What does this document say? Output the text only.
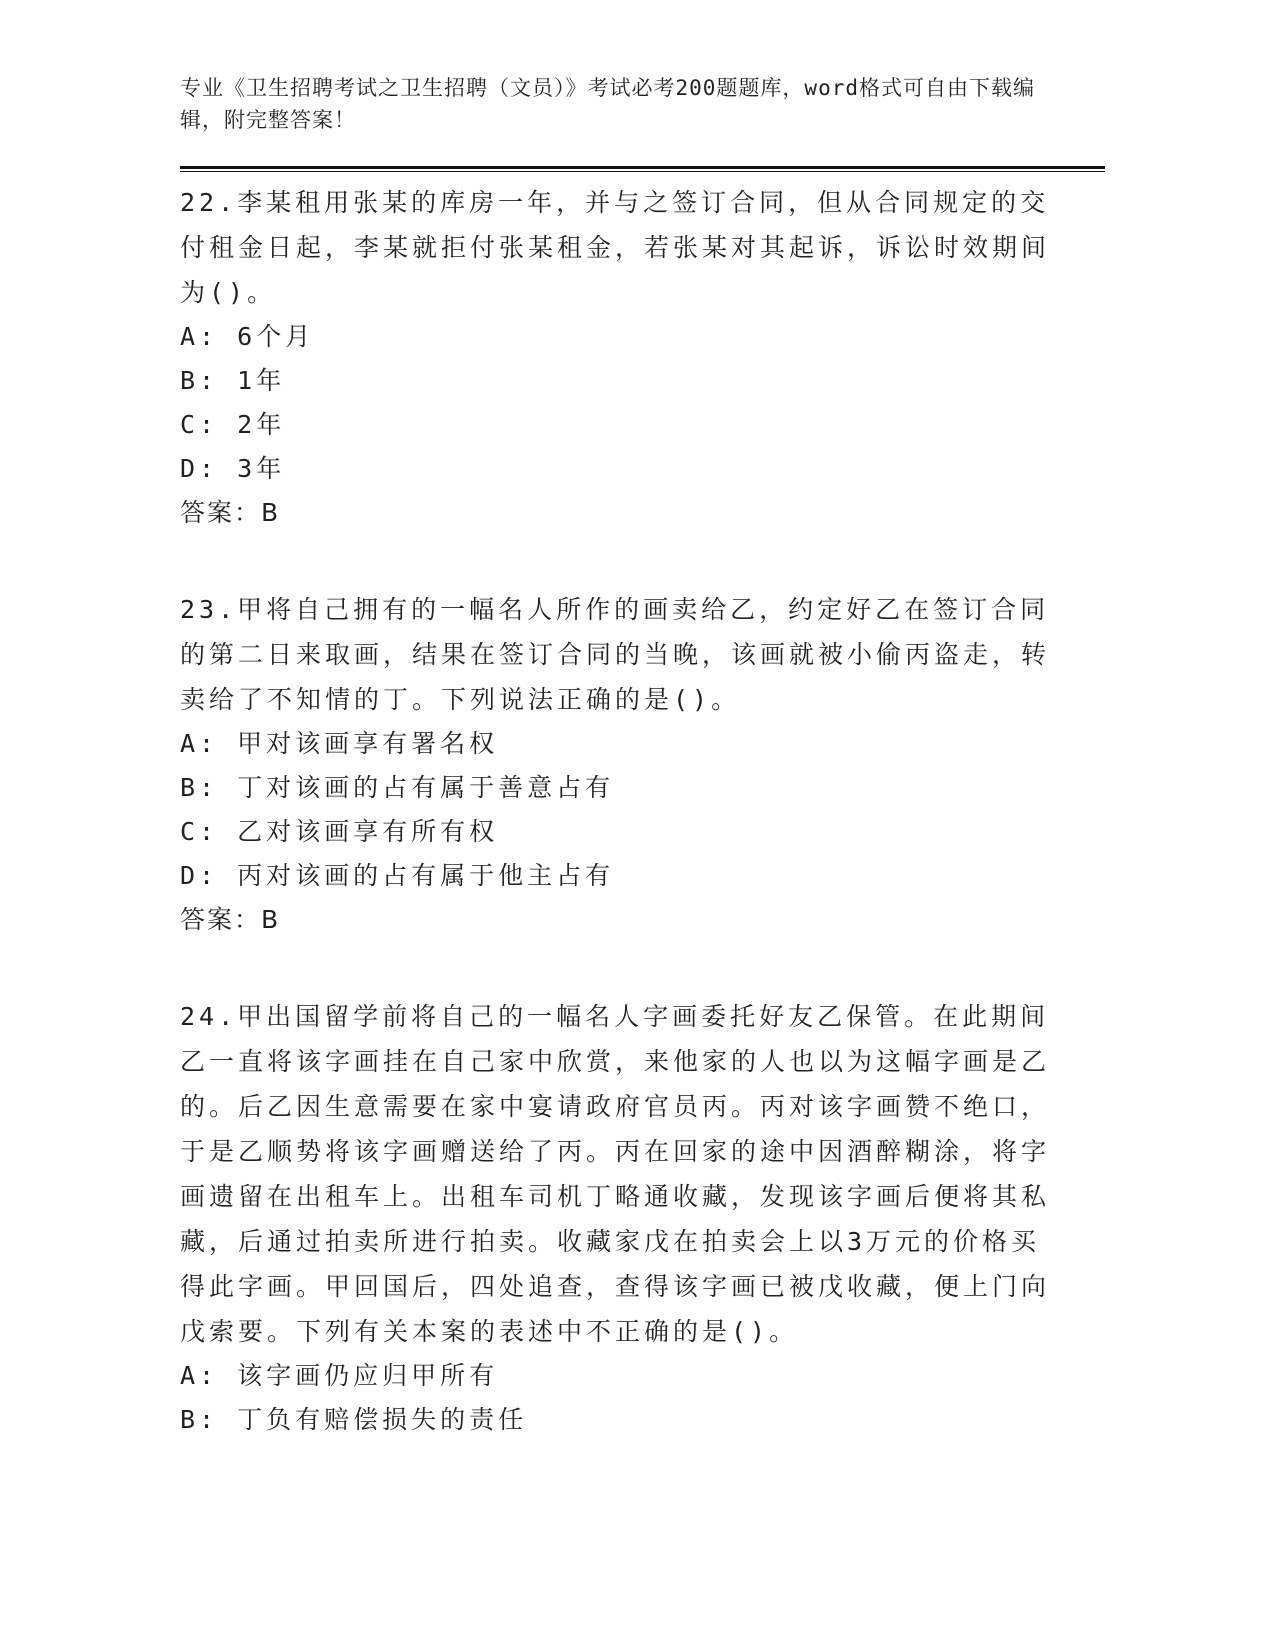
专业《卫生招聘考试之卫生招聘（文员）》考试必考200题题库，word格式可自由下载编辑，附完整答案！

22.李某租用张某的库房一年，并与之签订合同，但从合同规定的交付租金日起，李某就拒付张某租金，若张某对其起诉，诉讼时效期间为()。

A: 6个月

B: 1年

C: 2年

D: 3年

答案：B

23.甲将自己拥有的一幅名人所作的画卖给乙，约定好乙在签订合同的第二日来取画，结果在签订合同的当晚，该画就被小偷丙盗走，转卖给了不知情的丁。下列说法正确的是()。

A: 甲对该画享有署名权

B: 丁对该画的占有属于善意占有

C: 乙对该画享有所有权

D: 丙对该画的占有属于他主占有

答案：B

24.甲出国留学前将自己的一幅名人字画委托好友乙保管。在此期间乙一直将该字画挂在自己家中欣赏，来他家的人也以为这幅字画是乙的。后乙因生意需要在家中宴请政府官员丙。丙对该字画赞不绝口，于是乙顺势将该字画赠送给了丙。丙在回家的途中因酒醉糊涂，将字画遗留在出租车上。出租车司机丁略通收藏，发现该字画后便将其私藏，后通过拍卖所进行拍卖。收藏家戊在拍卖会上以3万元的价格买得此字画。甲回国后，四处追查，查得该字画已被戊收藏，便上门向戊索要。下列有关本案的表述中不正确的是()。

A: 该字画仍应归甲所有

B: 丁负有赔偿损失的责任
